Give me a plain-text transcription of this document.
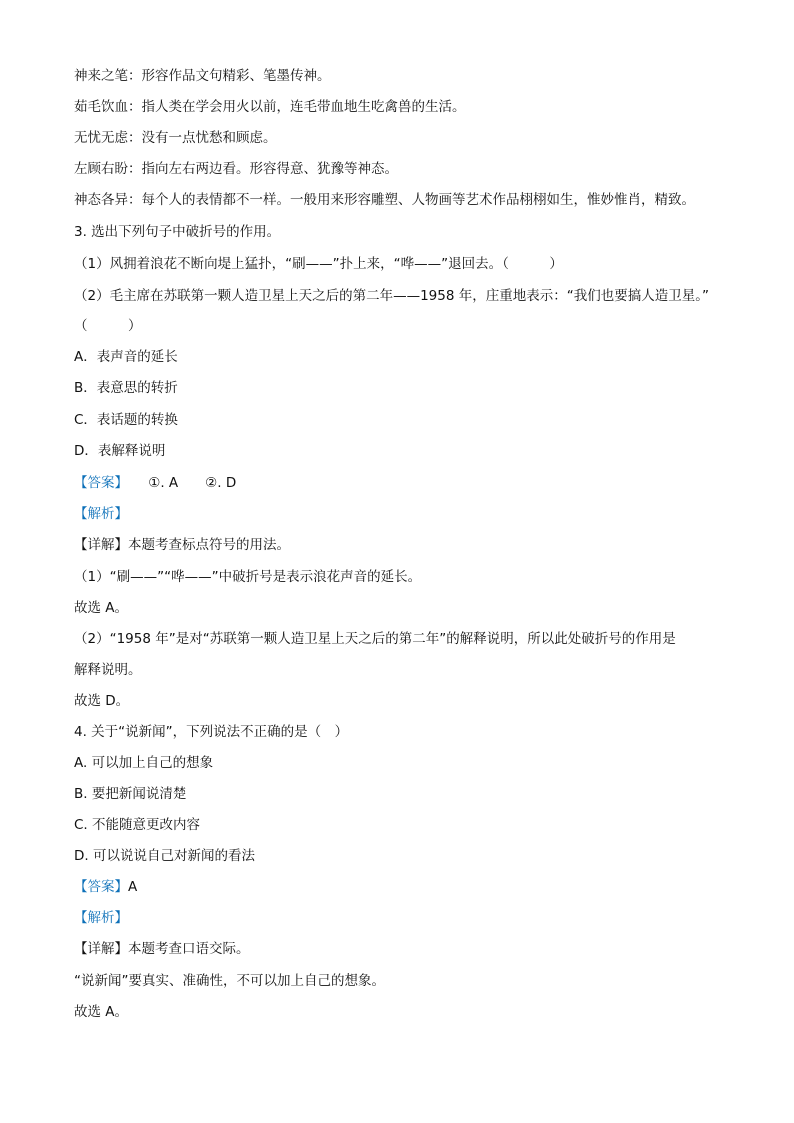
神来之笔：形容作品文句精彩、笔墨传神。
茹毛饮血：指人类在学会用火以前，连毛带血地生吃禽兽的生活。
无忧无虑：没有一点忧愁和顾虑。
左顾右盼：指向左右两边看。形容得意、犹豫等神态。
神态各异：每个人的表情都不一样。一般用来形容雕塑、人物画等艺术作品栩栩如生，惟妙惟肖，精致。
3. 选出下列句子中破折号的作用。
（1）风拥着浪花不断向堤上猛扑，“刷——”扑上来，“哗——”退回去。（　　　）
（2）毛主席在苏联第一颗人造卫星上天之后的第二年——1958 年，庄重地表示：“我们也要搞人造卫星。”
（　　　）
A．表声音的延长
B．表意思的转折
C．表话题的转换
D．表解释说明
【答案】　　①. A　　②. D
【解析】
【详解】本题考查标点符号的用法。
（1）“刷——”“哗——”中破折号是表示浪花声音的延长。
故选 A。
（2）“1958 年”是对“苏联第一颗人造卫星上天之后的第二年”的解释说明，所以此处破折号的作用是
解释说明。
故选 D。
4. 关于“说新闻”，下列说法不正确的是（　）
A. 可以加上自己的想象
B. 要把新闻说清楚
C. 不能随意更改内容
D. 可以说说自己对新闻的看法
【答案】A
【解析】
【详解】本题考查口语交际。
“说新闻”要真实、准确性，不可以加上自己的想象。
故选 A。
